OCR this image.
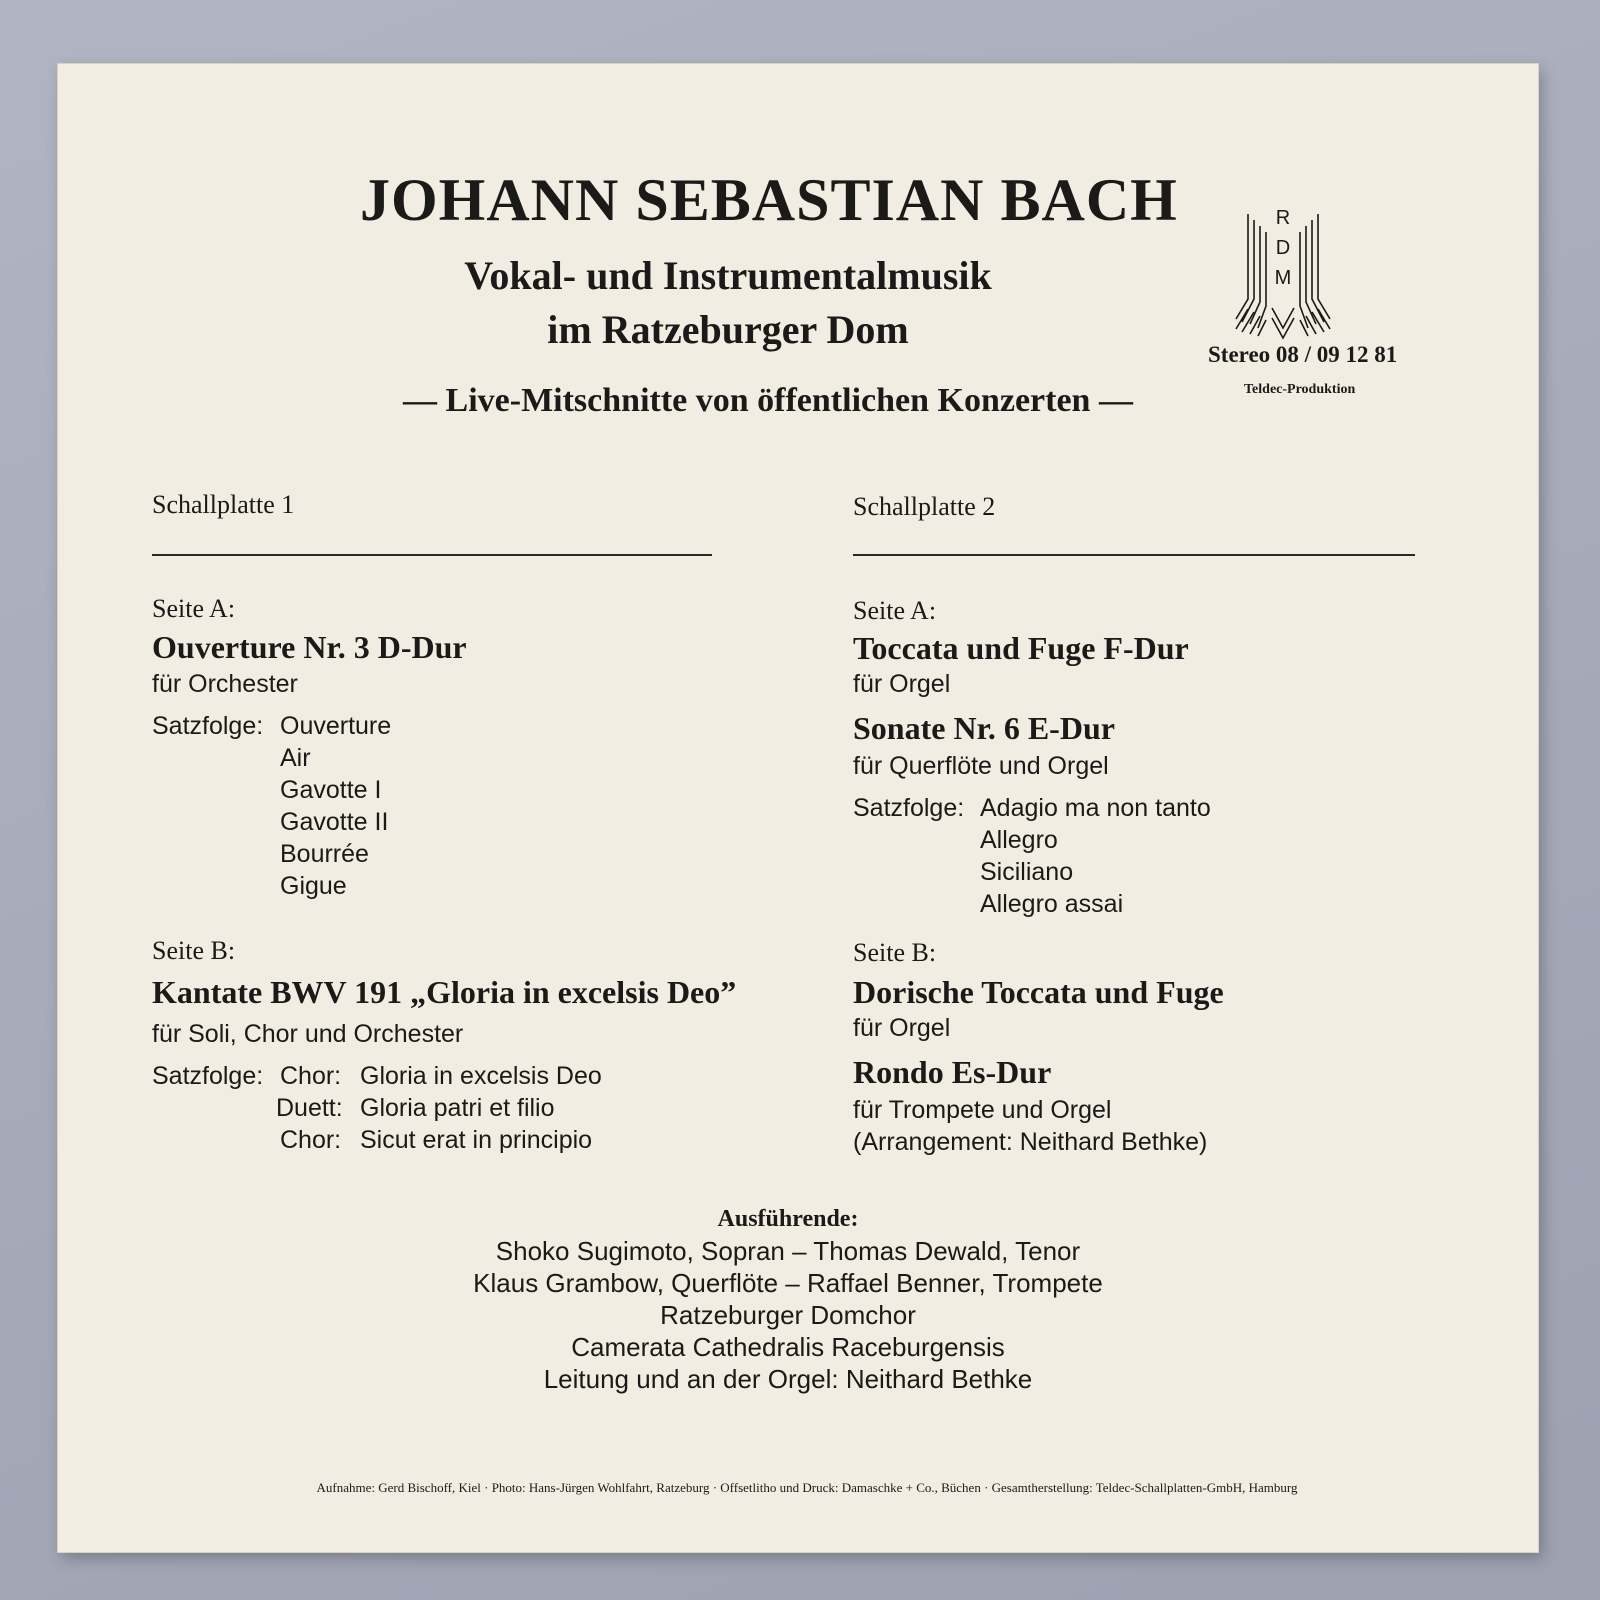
JOHANN SEBASTIAN BACH
Vokal- und Instrumentalmusik
im Ratzeburger Dom
— Live-Mitschnitte von öffentlichen Konzerten —
R
D
M
Stereo 08 / 09 12 81
Teldec-Produktion
Schallplatte 1
Seite A:
Ouverture Nr. 3 D-Dur
für Orchester
Satzfolge: Ouverture
Air
Gavotte I
Gavotte II
Bourrée
Gigue
Seite B:
Kantate BWV 191 „Gloria in excelsis Deo”
für Soli, Chor und Orchester
Satzfolge: Chor: Gloria in excelsis Deo
Duett: Gloria patri et filio
Chor: Sicut erat in principio
Schallplatte 2
Seite A:
Toccata und Fuge F-Dur
für Orgel
Sonate Nr. 6 E-Dur
für Querflöte und Orgel
Satzfolge: Adagio ma non tanto
Allegro
Siciliano
Allegro assai
Seite B:
Dorische Toccata und Fuge
für Orgel
Rondo Es-Dur
für Trompete und Orgel
(Arrangement: Neithard Bethke)
Ausführende:
Shoko Sugimoto, Sopran – Thomas Dewald, Tenor
Klaus Grambow, Querflöte – Raffael Benner, Trompete
Ratzeburger Domchor
Camerata Cathedralis Raceburgensis
Leitung und an der Orgel: Neithard Bethke
Aufnahme: Gerd Bischoff, Kiel · Photo: Hans-Jürgen Wohlfahrt, Ratzeburg · Offsetlitho und Druck: Damaschke + Co., Büchen · Gesamtherstellung: Teldec-Schallplatten-GmbH, Hamburg
